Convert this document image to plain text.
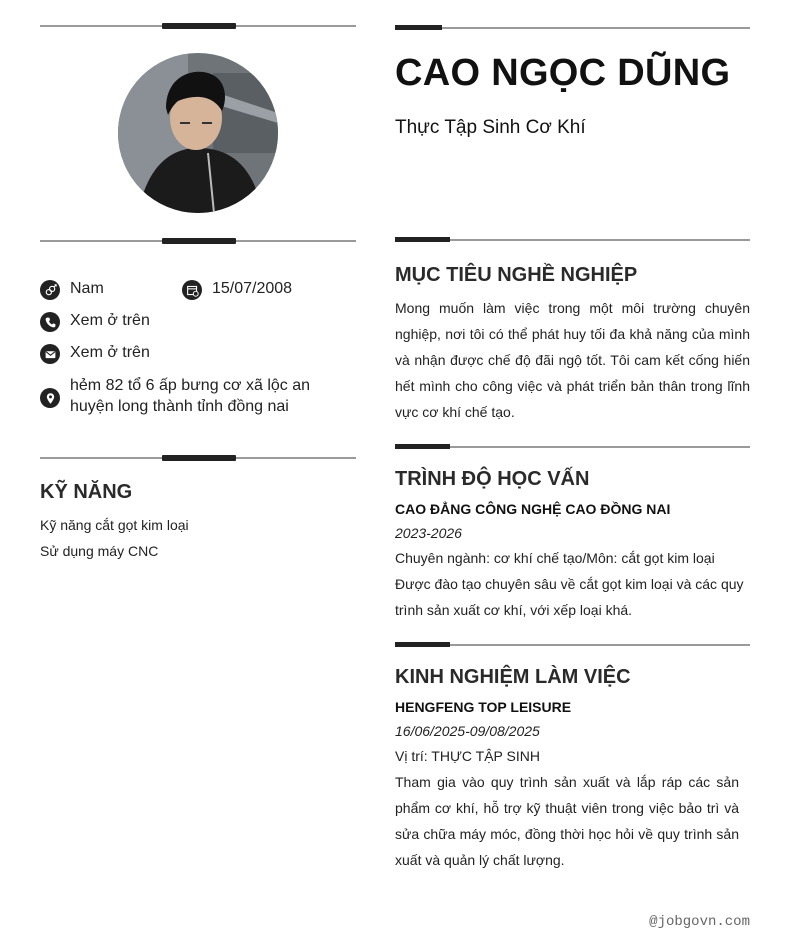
CAO NGỌC DŨNG
Thực Tập Sinh Cơ Khí
Nam	15/07/2008
Xem ở trên
Xem ở trên
hẻm 82 tổ 6 ấp bưng cơ xã lộc an huyện long thành tỉnh đồng nai
KỸ NĂNG
Kỹ năng cắt gọt kim loại
Sử dụng máy CNC
MỤC TIÊU NGHỀ NGHIỆP
Mong muốn làm việc trong một môi trường chuyên nghiệp, nơi tôi có thể phát huy tối đa khả năng của mình và nhận được chế độ đãi ngộ tốt. Tôi cam kết cống hiến hết mình cho công việc và phát triển bản thân trong lĩnh vực cơ khí chế tạo.
TRÌNH ĐỘ HỌC VẤN
CAO ĐẲNG CÔNG NGHỆ CAO ĐỒNG NAI
2023-2026
Chuyên ngành: cơ khí chế tạo/Môn: cắt gọt kim loại
Được đào tạo chuyên sâu về cắt gọt kim loại và các quy trình sản xuất cơ khí, với xếp loại khá.
KINH NGHIỆM LÀM VIỆC
HENGFENG TOP LEISURE
16/06/2025-09/08/2025
Vị trí: THỰC TẬP SINH
Tham gia vào quy trình sản xuất và lắp ráp các sản phẩm cơ khí, hỗ trợ kỹ thuật viên trong việc bảo trì và sửa chữa máy móc, đồng thời học hỏi về quy trình sản xuất và quản lý chất lượng.
@jobgovn.com
